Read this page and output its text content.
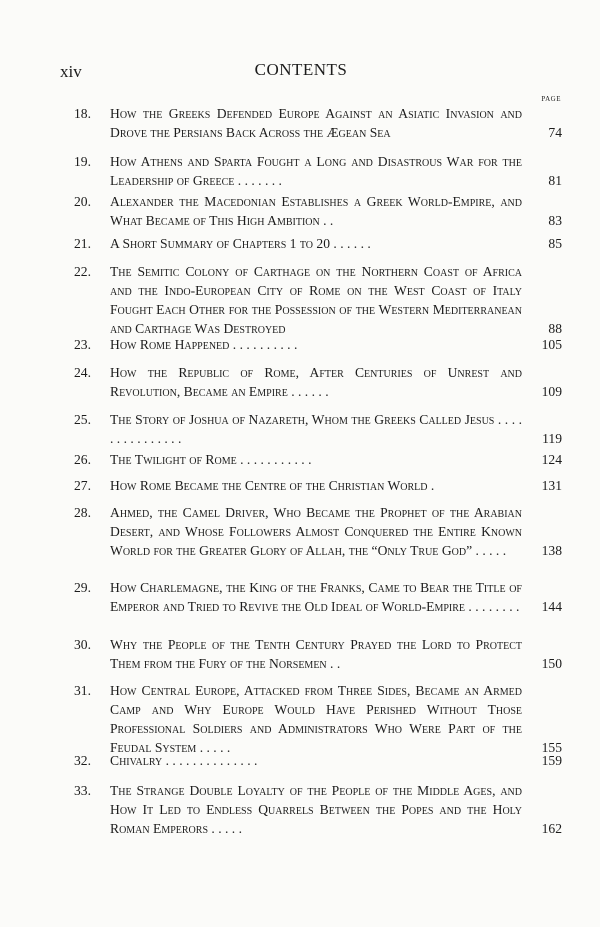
xiv	CONTENTS
PAGE
18.	How the Greeks Defended Europe Against an Asiatic Invasion and Drove the Persians Back Across the Ægean Sea	74
19.	How Athens and Sparta Fought a Long and Disastrous War for the Leadership of Greece . . . . . . .	81
20.	Alexander the Macedonian Establishes a Greek World-Empire, and What Became of This High Ambition . .	83
21.	A Short Summary of Chapters 1 to 20 . . . . . .	85
22.	The Semitic Colony of Carthage on the Northern Coast of Africa and the Indo-European City of Rome on the West Coast of Italy Fought Each Other for the Possession of the Western Mediterranean and Carthage Was Destroyed	88
23.	How Rome Happened . . . . . . . . . .	105
24.	How the Republic of Rome, After Centuries of Unrest and Revolution, Became an Empire . . . . . .	109
25.	The Story of Joshua of Nazareth, Whom the Greeks Called Jesus . . . . . . . . . . . . . . .	119
26.	The Twilight of Rome . . . . . . . . . . .	124
27.	How Rome Became the Centre of the Christian World .	131
28.	Ahmed, the Camel Driver, Who Became the Prophet of the Arabian Desert, and Whose Followers Almost Conquered the Entire Known World for the Greater Glory of Allah, the “Only True God” . . . . .	138
29.	How Charlemagne, the King of the Franks, Came to Bear the Title of Emperor and Tried to Revive the Old Ideal of World-Empire . . . . . . . .	144
30.	Why the People of the Tenth Century Prayed the Lord to Protect Them from the Fury of the Norsemen . .	150
31.	How Central Europe, Attacked from Three Sides, Became an Armed Camp and Why Europe Would Have Perished Without Those Professional Soldiers and Administrators Who Were Part of the Feudal System . . . . .	155
32.	Chivalry . . . . . . . . . . . . . .	159
33.	The Strange Double Loyalty of the People of the Middle Ages, and How It Led to Endless Quarrels Between the Popes and the Holy Roman Emperors . . . . .	162
